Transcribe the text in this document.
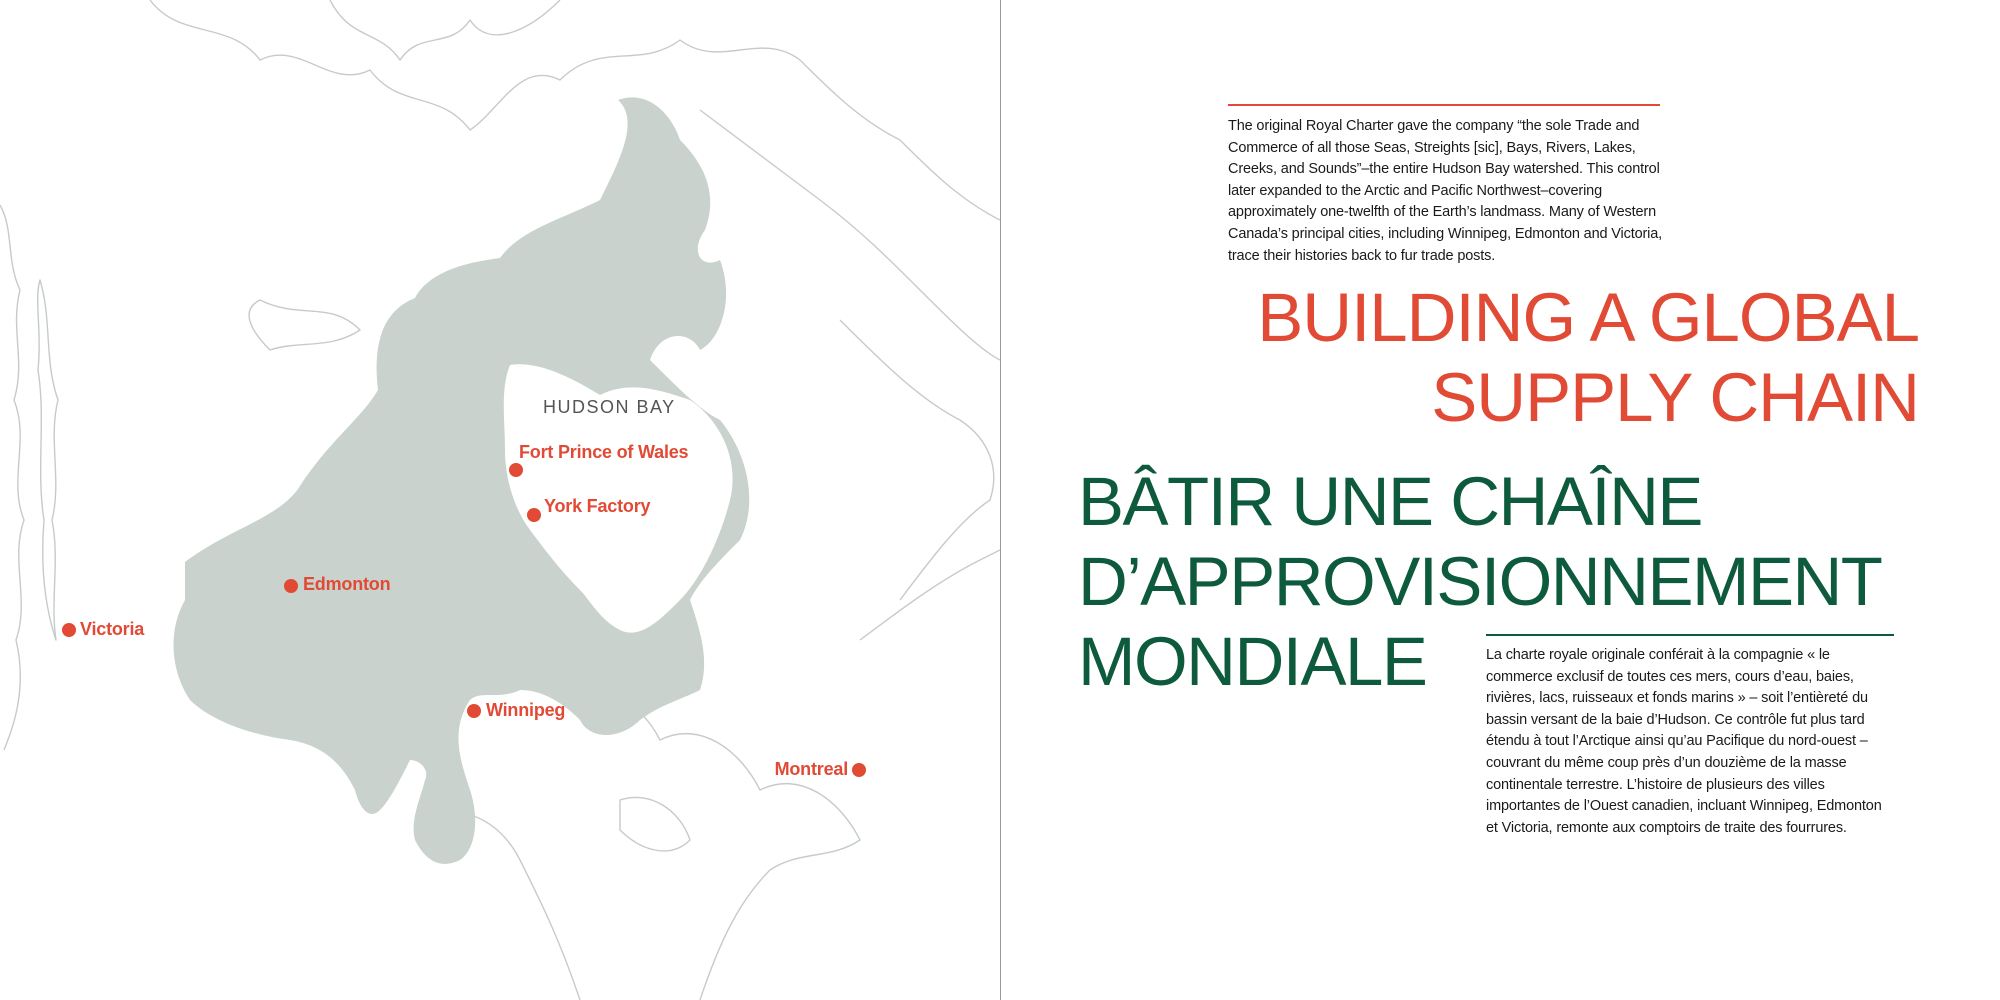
HUDSON BAY
Fort Prince of Wales
York Factory
Edmonton
Victoria
Winnipeg
Montreal

The original Royal Charter gave the company “the sole Trade and Commerce of all those Seas, Streights [sic], Bays, Rivers, Lakes, Creeks, and Sounds”–the entire Hudson Bay watershed. This control later expanded to the Arctic and Pacific Northwest–covering approximately one-twelfth of the Earth’s landmass. Many of Western Canada’s principal cities, including Winnipeg, Edmonton and Victoria, trace their histories back to fur trade posts.

BUILDING A GLOBAL
SUPPLY CHAIN
BÂTIR UNE CHAÎNE
D’APPROVISIONNEMENT
MONDIALE	La charte royale originale conférait à la compagnie « le commerce exclusif de toutes ces mers, cours d’eau, baies, rivières, lacs, ruisseaux et fonds marins » – soit l’entièreté du bassin versant de la baie d’Hudson. Ce contrôle fut plus tard étendu à tout l’Arctique ainsi qu’au Pacifique du nord-ouest – couvrant du même coup près d’un douzième de la masse continentale terrestre. L’histoire de plusieurs des villes importantes de l’Ouest canadien, incluant Winnipeg, Edmonton et Victoria, remonte aux comptoirs de traite des fourrures.
